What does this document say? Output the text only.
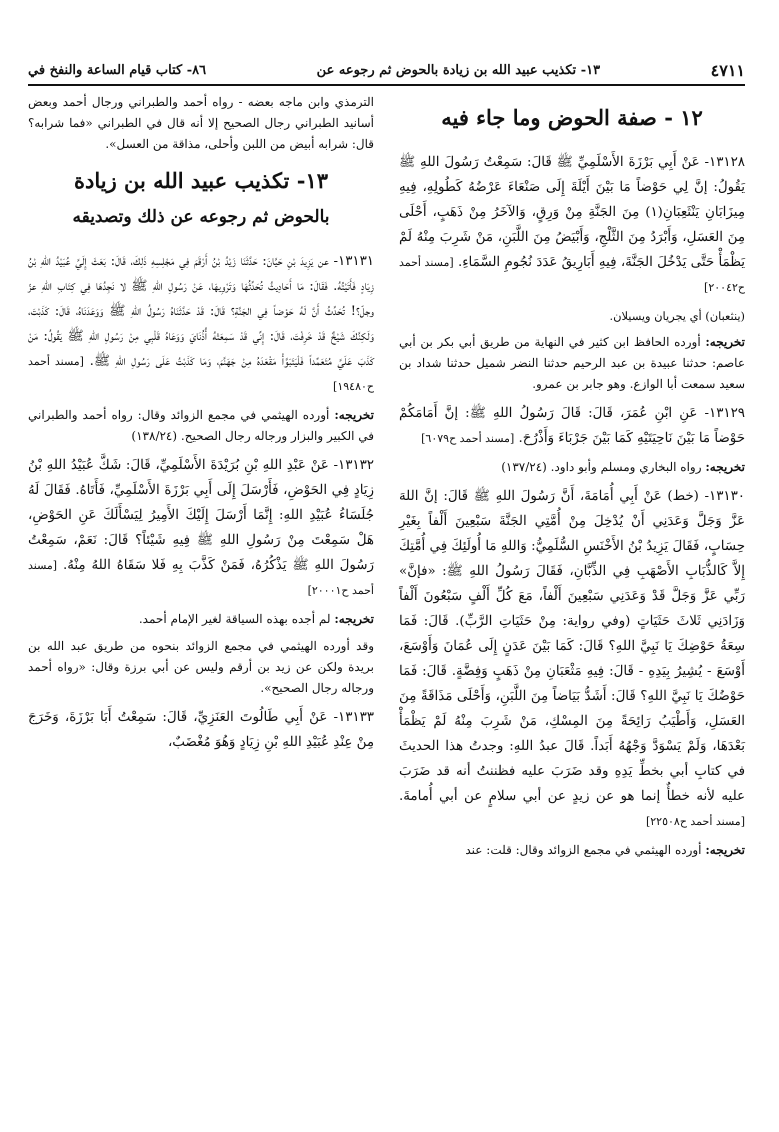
٤٧١١
١٣- تكذيب عبيد الله بن زيادة بالحوض ثم رجوعه عن
٨٦- كتاب قيام الساعة والنفخ في
١٢ - صفة الحوض وما جاء فيه

١٣١٢٨- عَنْ أَبِي بَرْزَةَ الأَسْلَمِيِّ ﷺ قَالَ: سَمِعْتُ رَسُولَ اللهِ ﷺ يَقُولُ: إنَّ لِي حَوْضاً مَا بَيْنَ أَيْلَةَ إِلَى صَنْعَاءَ عَرْضُهُ كَطُولِهِ، فِيهِ مِيزَابَانِ يَنْثَعِبَانِ(١) مِنَ الجَنَّةِ مِنْ وَرِقٍ، وَالآخَرُ مِنْ ذَهَبٍ، أَحْلَى مِنَ العَسَلِ، وَأَبْرَدُ مِنَ الثَّلْجِ، وَأَبْيَضُ مِنَ اللَّبَنِ، مَنْ شَرِبَ مِنْهُ لَمْ يَظْمَأْ حَتَّى يَدْخُلَ الجَنَّةَ، فِيهِ أَبَارِيقُ عَدَدَ نُجُومِ السَّمَاءِ. [مسند أحمد ح٢٠٠٤٢]

(ينثعبان) أي يجريان ويسيلان.

تخريجه: أورده الحافظ ابن كثير في النهاية من طريق أبي بكر بن أبي عاصم: حدثنا عبيدة بن عبد الرحيم حدثنا النضر شميل حدثنا شداد بن سعيد سمعت أبا الوازع. وهو جابر بن عمرو.

١٣١٢٩- عَنِ ابْنِ عُمَرَ، قَالَ: قَالَ رَسُولُ اللهِ ﷺ: إنَّ أَمَامَكُمْ حَوْضاً مَا بَيْنَ نَاحِيَتَيْهِ كَمَا بَيْنَ جَرْبَاءَ وَأَذْرُحَ. [مسند أحمد ح٦٠٧٩]

تخريجه: رواه البخاري ومسلم وأبو داود. (١٣٧/٢٤)

١٣١٣٠- (خط) عَنْ أَبِي أُمَامَةَ، أَنَّ رَسُولَ اللهِ ﷺ قَالَ: إنَّ اللهَ عَزَّ وَجَلَّ وَعَدَنِي أَنْ يُدْخِلَ مِنْ أُمَّتِي الجَنَّةَ سَبْعِينَ أَلْفاً بِغَيْرِ حِسَابٍ، فَقَالَ يَزِيدُ بْنُ الأَخْنَسِ السُّلَمِيُّ: وَاللهِ مَا أُولَئِكَ فِي أُمَّتِكَ إِلاَّ كَالذُّبَابِ الأَصْهَبِ فِي الذِّبَّانِ، فَقَالَ رَسُولُ اللهِ ﷺ: «فإنَّ» رَبِّي عَزَّ وَجَلَّ قَدْ وَعَدَنِي سَبْعِينَ أَلْفاً، مَعَ كُلِّ أَلْفٍ سَبْعُونَ أَلْفاً وَزَادَنِي ثَلاثَ حَثَيَاتٍ (وفي رواية: مِنْ حَثَيَاتِ الرَّبِّ). قَالَ: فَمَا سِعَةُ حَوْضِكَ يَا نَبِيَّ اللهِ؟ قَالَ: كَمَا بَيْنَ عَدَنٍ إِلَى عُمَانَ وَأَوْسَعَ، أَوْسَعَ - يُشِيرُ بِيَدِهِ - قَالَ: فِيهِ مَثْعَبَانِ مِنْ ذَهَبٍ وَفِضَّةٍ. قَالَ: فَمَا حَوْضُكَ يَا نَبِيَّ اللهِ؟ قَالَ: أَشَدُّ بَيَاضاً مِنَ اللَّبَنِ، وَأَحْلَى مَذَاقَةً مِنَ العَسَلِ، وَأَطْيَبُ رَائِحَةً مِنَ المِسْكِ، مَنْ شَرِبَ مِنْهُ لَمْ يَظْمَأْ بَعْدَهَا، وَلَمْ يَسْوَدَّ وَجْهُهُ أَبَداً. قَالَ عبدُ اللهِ: وجدتُ هذا الحديثَ في كتابِ أبي بخطِّ يَدِهِ وقد ضَرَبَ عليه فظننتُ أنه قد ضَرَبَ عليه لأنه خطأٌ إنما هو عن زيدٍ عن أبي سلامٍ عن أبي أُمامةَ. [مسند أحمد ح٢٢٥٠٨]

تخريجه: أورده الهيثمي في مجمع الزوائد وقال: قلت: عند

الترمذي وابن ماجه بعضه - رواه أحمد والطبراني ورجال أحمد وبعض أسانيد الطبراني رجال الصحيح إلا أنه قال في الطبراني «فما شرابه؟ قال: شرابه أبيض من اللبن وأحلى، مذاقة من العسل».

١٣- تكذيب عبيد الله بن زيادة
بالحوض ثم رجوعه عن ذلك وتصديقه

١٣١٣١- عن يَزِيدَ بْنِ حَيَّانَ: حَدَّثَنَا زَيْدُ بْنُ أَرْقَمَ فِي مَجْلِسِهِ ذَلِكَ، قَالَ: بَعَثَ إِلَيَّ عُبَيْدُ اللهِ بْنُ زِيَادٍ فَأَتَيْتُهُ. فَقَالَ: مَا أَحَادِيثُ تُحَدِّثُهَا وَتَرْوِيهَا، عَنْ رَسُولِ اللهِ ﷺ لا نَجِدُهَا فِي كِتَابِ اللهِ عزّ وجلّ؟! تُحَدِّثُ أَنَّ لَهُ حَوْضاً فِي الجَنَّةِ؟ قَالَ: قَدْ حَدَّثَنَاهُ رَسُولُ اللهِ ﷺ وَوَعَدَنَاهُ، قَالَ: كَذَبْتَ، وَلَكِنَّكَ شَيْخٌ قَدْ خَرِفْتَ، قَالَ: إِنِّي قَدْ سَمِعَتْهُ أُذُنَايَ وَوَعَاهُ قَلْبِي مِنْ رَسُولِ اللهِ ﷺ يَقُولُ: مَنْ كَذَبَ عَلَيَّ مُتَعَمِّداً فَلْيَتَبَوَّأْ مَقْعَدَهُ مِنْ جَهَنَّمَ، وَمَا كَذَبْتُ عَلَى رَسُولِ اللهِ ﷺ. [مسند أحمد ح١٩٤٨٠]

تخريجه: أورده الهيثمي في مجمع الزوائد وقال: رواه أحمد والطبراني في الكبير والبزار ورجاله رجال الصحيح. (١٣٨/٢٤)

١٣١٣٢- عَنْ عَبْدِ اللهِ بْنِ بُرَيْدَةَ الأَسْلَمِيِّ، قَالَ: شَكَّ عُبَيْدُ اللهِ بْنُ زِيَادٍ فِي الحَوْضِ، فَأَرْسَلَ إِلَى أَبِي بَرْزَةَ الأَسْلَمِيِّ، فَأَتَاهُ. فَقَالَ لَهُ جُلَسَاءُ عُبَيْدِ اللهِ: إِنَّمَا أَرْسَلَ إِلَيْكَ الأَمِيرُ لِيَسْأَلَكَ عَنِ الحَوْضِ، هَلْ سَمِعْتَ مِنْ رَسُولِ اللهِ ﷺ فِيهِ شَيْئاً؟ قَالَ: نَعَمْ، سَمِعْتُ رَسُولَ اللهِ ﷺ يَذْكُرُهُ، فَمَنْ كَذَّبَ بِهِ فَلا سَقَاهُ اللهُ مِنْهُ. [مسند أحمد ح٢٠٠٠١]

تخريجه: لم أجده بهذه السياقة لغير الإمام أحمد.

وقد أورده الهيثمي في مجمع الزوائد بنحوه من طريق عبد الله بن بريدة ولكن عن زيد بن أرقم وليس عن أبي برزة وقال: «رواه أحمد ورجاله رجال الصحيح».

١٣١٣٣- عَنْ أَبِي طَالُوتَ العَنَزِيِّ، قَالَ: سَمِعْتُ أَبَا بَرْزَةَ، وَخَرَجَ مِنْ عِنْدِ عُبَيْدِ اللهِ بْنِ زِيَادٍ وَهُوَ مُغْضَبٌ،
